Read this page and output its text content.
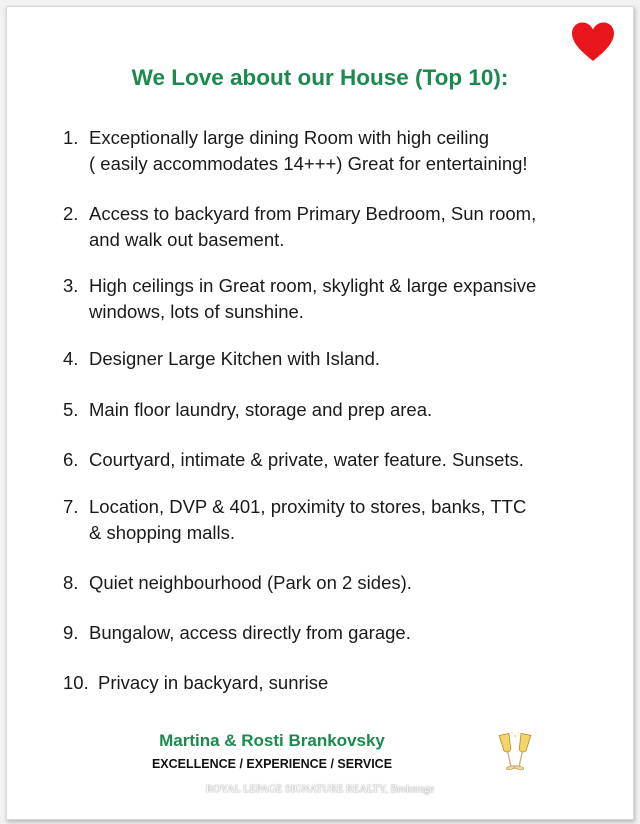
We Love about our House (Top 10):
1. Exceptionally large dining Room with high ceiling
( easily accommodates 14+++) Great for entertaining!
2. Access to backyard from Primary Bedroom, Sun room,
and walk out basement.
3. High ceilings in Great room, skylight & large expansive
windows, lots of sunshine.
4. Designer Large Kitchen with Island.
5. Main floor laundry, storage and prep area.
6. Courtyard, intimate & private, water feature. Sunsets.
7. Location, DVP & 401, proximity to stores, banks, TTC
& shopping malls.
8. Quiet neighbourhood (Park on 2 sides).
9. Bungalow, access directly from garage.
10. Privacy in backyard, sunrise
Martina & Rosti Brankovsky
EXCELLENCE / EXPERIENCE / SERVICE
ROYAL LEPAGE SIGNATURE REALTY, Brokerage
